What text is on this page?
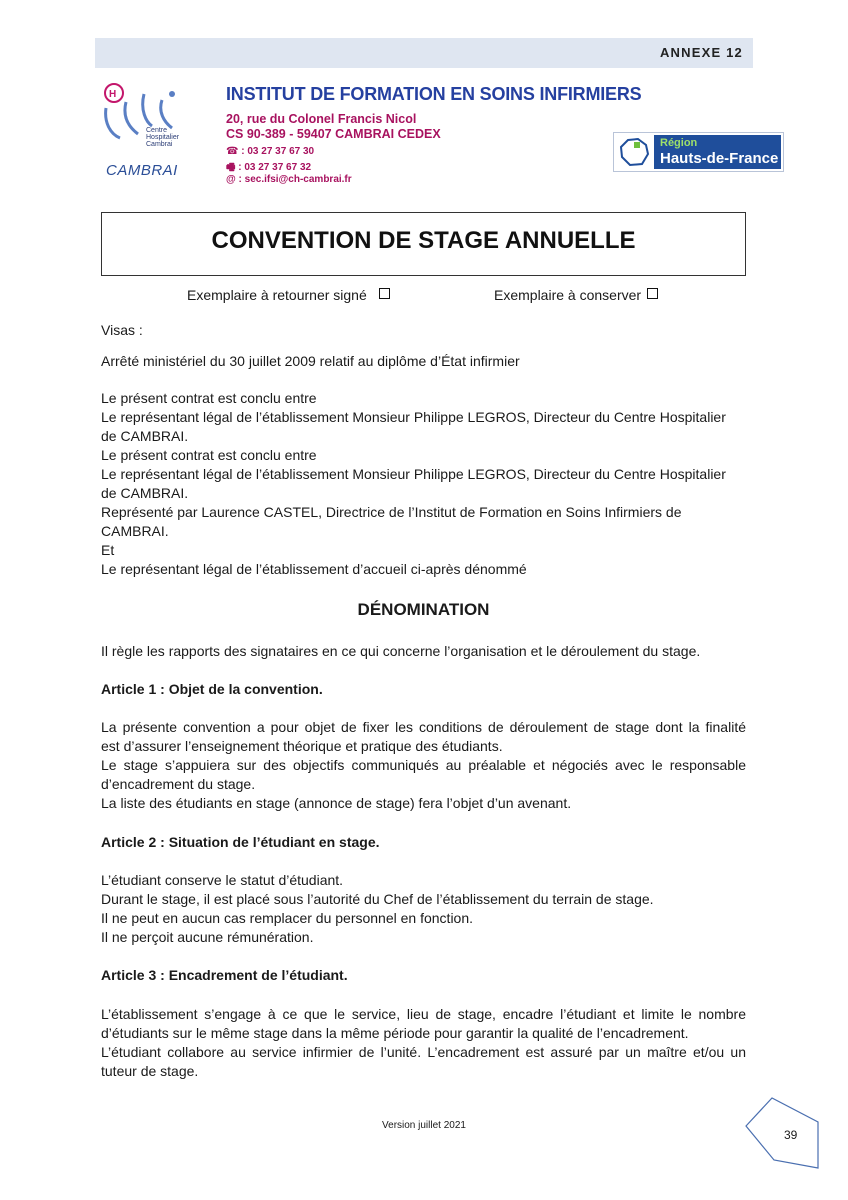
ANNEXE 12
H
Centre
Hospitalier
Cambrai
CAMBRAI
INSTITUT DE FORMATION EN SOINS INFIRMIERS
20, rue du Colonel Francis Nicol
CS 90-389 - 59407 CAMBRAI CEDEX
☎ : 03 27 37 67 30
🖷 : 03 27 37 67 32
@ : sec.ifsi@ch-cambrai.fr
Région
Hauts-de-France
CONVENTION DE STAGE ANNUELLE
Exemplaire à retourner signé	Exemplaire à conserver
Visas :
Arrêté ministériel du 30 juillet 2009 relatif au diplôme d’État infirmier
Le présent contrat est conclu entre
Le représentant légal de l’établissement Monsieur Philippe LEGROS, Directeur du Centre Hospitalier
de CAMBRAI.
Le présent contrat est conclu entre
Le représentant légal de l’établissement Monsieur Philippe LEGROS, Directeur du Centre Hospitalier
de CAMBRAI.
Représenté par Laurence CASTEL, Directrice de l’Institut de Formation en Soins Infirmiers de
CAMBRAI.
Et
Le représentant légal de l’établissement d’accueil ci-après dénommé
DÉNOMINATION
Il règle les rapports des signataires en ce qui concerne l’organisation et le déroulement du stage.
Article 1 : Objet de la convention.
La présente convention a pour objet de fixer les conditions de déroulement de stage dont la finalité
est d’assurer l’enseignement théorique et pratique des étudiants.
Le stage s’appuiera sur des objectifs communiqués au préalable et négociés avec le responsable
d’encadrement du stage.
La liste des étudiants en stage (annonce de stage) fera l’objet d’un avenant.
Article 2 : Situation de l’étudiant en stage.
L’étudiant conserve le statut d’étudiant.
Durant le stage, il est placé sous l’autorité du Chef de l’établissement du terrain de stage.
Il ne peut en aucun cas remplacer du personnel en fonction.
Il ne perçoit aucune rémunération.
Article 3 : Encadrement de l’étudiant.
L’établissement s’engage à ce que le service, lieu de stage, encadre l’étudiant et limite le nombre
d’étudiants sur le même stage dans la même période pour garantir la qualité de l’encadrement.
L’étudiant collabore au service infirmier de l’unité. L’encadrement est assuré par un maître et/ou un
tuteur de stage.
Version juillet 2021
39
